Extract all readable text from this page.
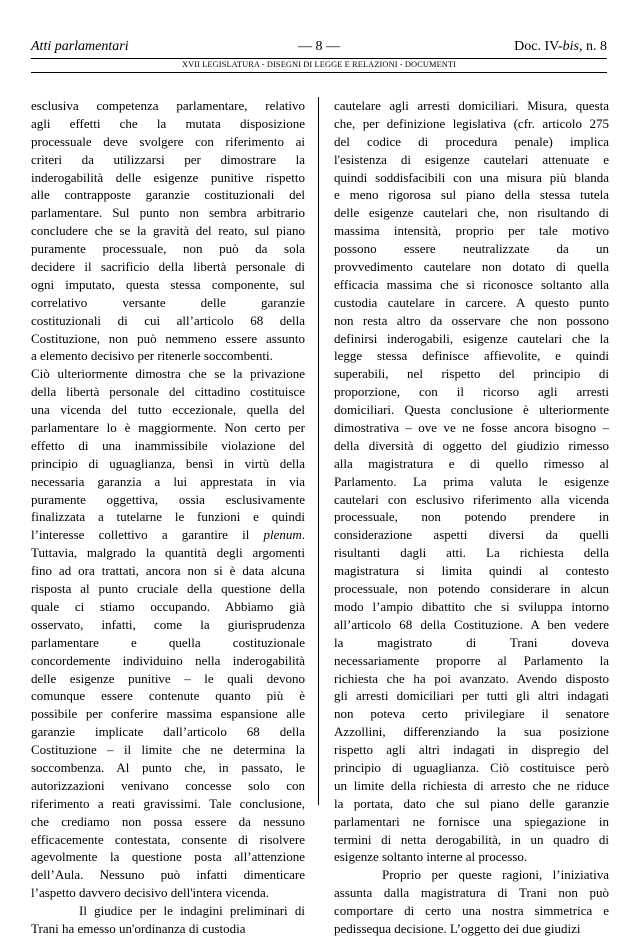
Atti parlamentari	— 8 —	Doc. IV-bis, n. 8
XVII LEGISLATURA - DISEGNI DI LEGGE E RELAZIONI - DOCUMENTI
esclusiva competenza parlamentare, relativo
agli effetti che la mutata disposizione
processuale deve svolgere con riferimento ai
criteri da utilizzarsi per dimostrare la
inderogabilità delle esigenze punitive rispetto
alle contrapposte garanzie costituzionali del
parlamentare. Sul punto non sembra arbitrario
concludere che se la gravità del reato, sul piano
puramente processuale, non può da sola
decidere il sacrificio della libertà personale di
ogni imputato, questa stessa componente, sul
correlativo versante delle garanzie
costituzionali di cui all’articolo 68 della
Costituzione, non può nemmeno essere assunto
a elemento decisivo per ritenerle soccombenti.
Ciò ulteriormente dimostra che se la privazione
della libertà personale del cittadino costituisce
una vicenda del tutto eccezionale, quella del
parlamentare lo è maggiormente. Non certo per
effetto di una inammissibile violazione del
principio di uguaglianza, bensì in virtù della
necessaria garanzia a lui apprestata in via
puramente oggettiva, ossia esclusivamente
finalizzata a tutelarne le funzioni e quindi
l’interesse collettivo a garantire il plenum.
Tuttavia, malgrado la quantità degli argomenti
fino ad ora trattati, ancora non si è data alcuna
risposta al punto cruciale della questione della
quale ci stiamo occupando. Abbiamo già
osservato, infatti, come la giurisprudenza
parlamentare e quella costituzionale
concordemente individuino nella inderogabilità
delle esigenze punitive – le quali devono
comunque essere contenute quanto più è
possibile per conferire massima espansione alle
garanzie implicate dall’articolo 68 della
Costituzione – il limite che ne determina la
soccombenza. Al punto che, in passato, le
autorizzazioni venivano concesse solo con
riferimento a reati gravissimi. Tale conclusione,
che crediamo non possa essere da nessuno
efficacemente contestata, consente di risolvere
agevolmente la questione posta all’attenzione
dell’Aula. Nessuno può infatti dimenticare
l’aspetto davvero decisivo dell'intera vicenda.
Il giudice per le indagini preliminari di
Trani ha emesso un'ordinanza di custodia
cautelare agli arresti domiciliari. Misura, questa
che, per definizione legislativa (cfr. articolo 275
del codice di procedura penale) implica
l'esistenza di esigenze cautelari attenuate e
quindi soddisfacibili con una misura più blanda
e meno rigorosa sul piano della stessa tutela
delle esigenze cautelari che, non risultando di
massima intensità, proprio per tale motivo
possono essere neutralizzate da un
provvedimento cautelare non dotato di quella
efficacia massima che si riconosce soltanto alla
custodia cautelare in carcere. A questo punto
non resta altro da osservare che non possono
definirsi inderogabili, esigenze cautelari che la
legge stessa definisce affievolite, e quindi
superabili, nel rispetto del principio di
proporzione, con il ricorso agli arresti
domiciliari. Questa conclusione è ulteriormente
dimostrativa – ove ve ne fosse ancora bisogno –
della diversità di oggetto del giudizio rimesso
alla magistratura e di quello rimesso al
Parlamento. La prima valuta le esigenze
cautelari con esclusivo riferimento alla vicenda
processuale, non potendo prendere in
considerazione aspetti diversi da quelli
risultanti dagli atti. La richiesta della
magistratura si limita quindi al contesto
processuale, non potendo considerare in alcun
modo l’ampio dibattito che si sviluppa intorno
all’articolo 68 della Costituzione. A ben vedere
la magistrato di Trani doveva
necessariamente proporre al Parlamento la
richiesta che ha poi avanzato. Avendo disposto
gli arresti domiciliari per tutti gli altri indagati
non poteva certo privilegiare il senatore
Azzollini, differenziando la sua posizione
rispetto agli altri indagati in dispregio del
principio di uguaglianza. Ciò costituisce però
un limite della richiesta di arresto che ne riduce
la portata, dato che sul piano delle garanzie
parlamentari ne fornisce una spiegazione in
termini di netta derogabilità, in un quadro di
esigenze soltanto interne al processo.
Proprio per queste ragioni, l’iniziativa
assunta dalla magistratura di Trani non può
comportare di certo una nostra simmetrica e
pedissequa decisione. L’oggetto dei due giudizi
